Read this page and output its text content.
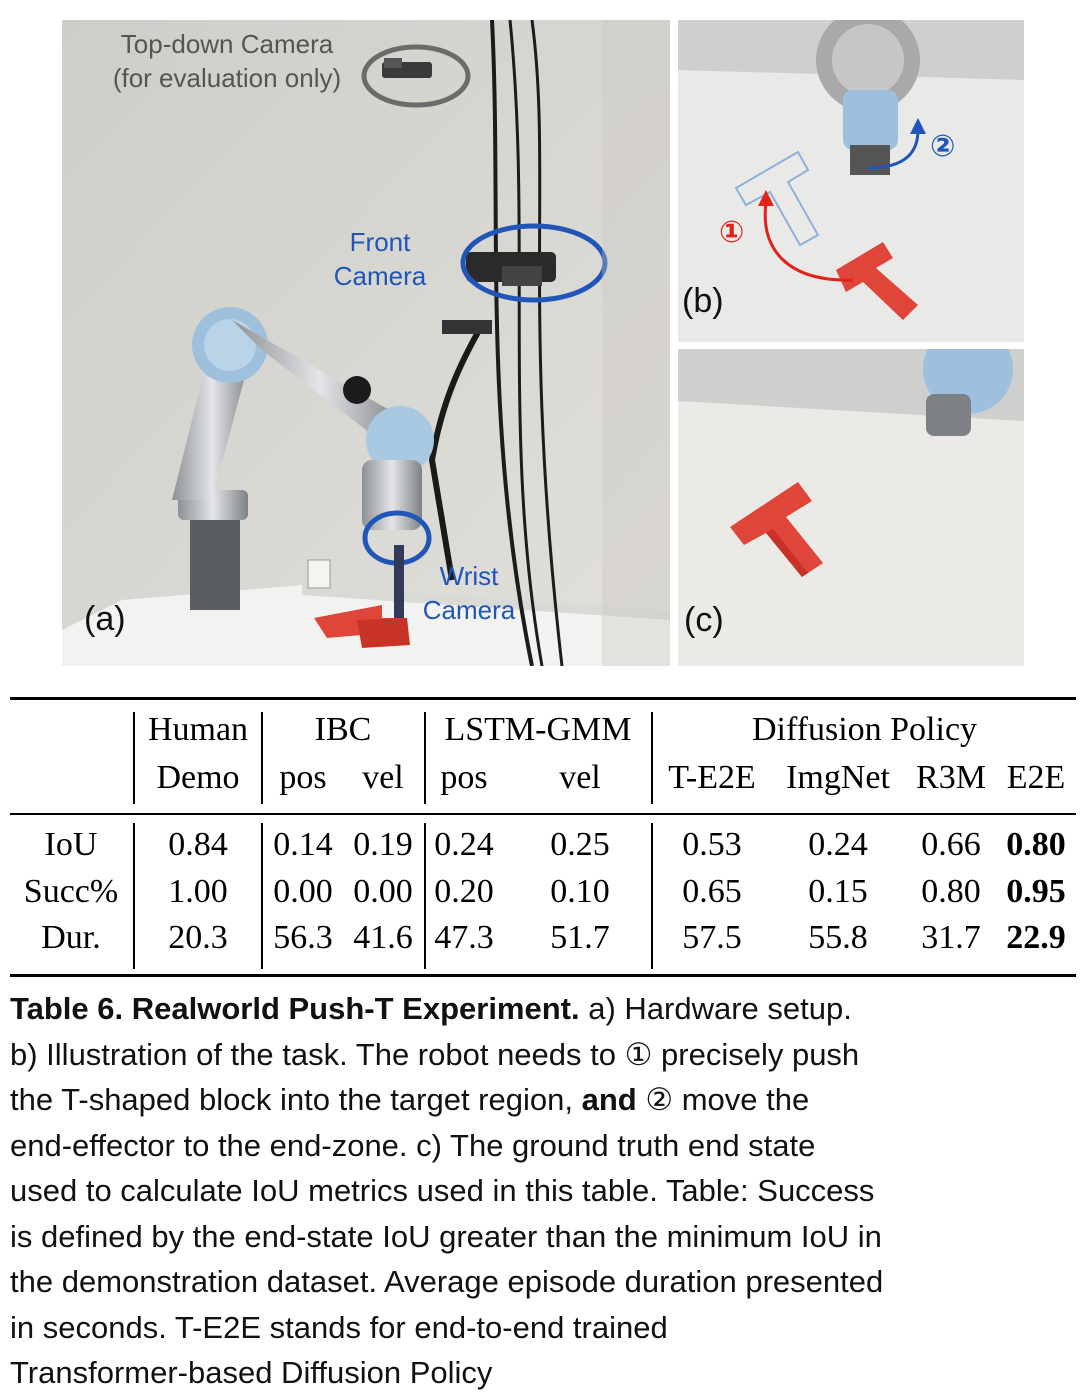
Top-down Camera
(for evaluation only)
Front
Camera
Wrist
Camera
(a)
①
②
(b)
(c)
Human	IBC	LSTM-GMM	Diffusion Policy
Demo	pos	vel	pos	vel	T-E2E ImgNet R3M E2E
IoU	0.84	0.14 0.19 0.24	0.25	0.53	0.24	0.66 0.80
Succ%	1.00	0.00 0.00 0.20	0.10	0.65	0.15	0.80 0.95
Dur.	20.3	56.3 41.6 47.3	51.7	57.5	55.8	31.7 22.9
Table 6. Realworld Push-T Experiment. a) Hardware setup.
b) Illustration of the task. The robot needs to ① precisely push
the T-shaped block into the target region, and ② move the
end-effector to the end-zone. c) The ground truth end state
used to calculate IoU metrics used in this table. Table: Success
is defined by the end-state IoU greater than the minimum IoU in
the demonstration dataset. Average episode duration presented
in seconds. T-E2E stands for end-to-end trained
Transformer-based Diffusion Policy
